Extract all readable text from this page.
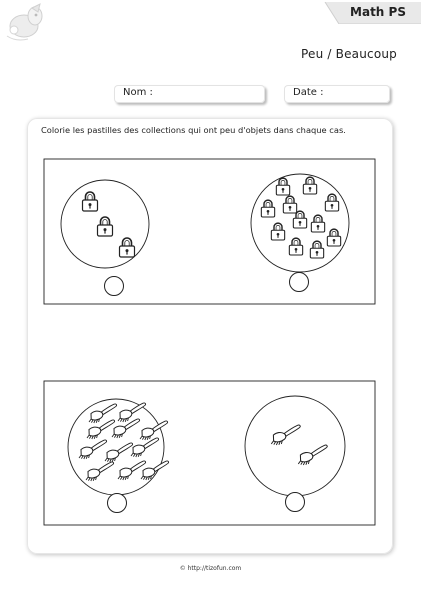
Math PS
Peu / Beaucoup
Nom :	Date :
Colorie les pastilles des collections qui ont peu d'objets dans chaque cas.
© http://tizofun.com
